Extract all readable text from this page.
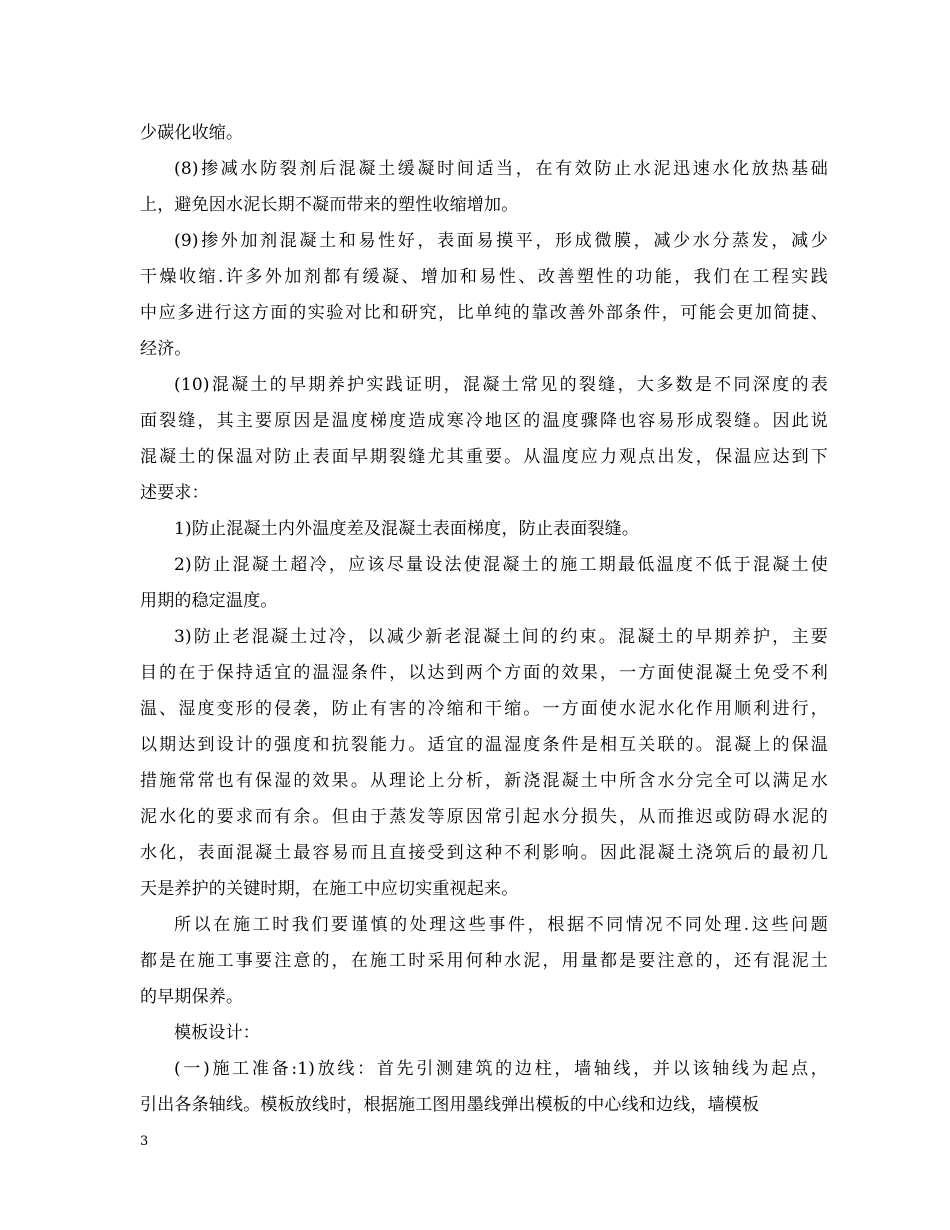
少碳化收缩。
(8)掺减水防裂剂后混凝土缓凝时间适当，在有效防止水泥迅速水化放热基础
上，避免因水泥长期不凝而带来的塑性收缩增加。
(9)掺外加剂混凝土和易性好，表面易摸平，形成微膜，减少水分蒸发，减少
干燥收缩.许多外加剂都有缓凝、增加和易性、改善塑性的功能，我们在工程实践
中应多进行这方面的实验对比和研究，比单纯的靠改善外部条件，可能会更加简捷、
经济。
(10)混凝土的早期养护实践证明，混凝土常见的裂缝，大多数是不同深度的表
面裂缝，其主要原因是温度梯度造成寒冷地区的温度骤降也容易形成裂缝。因此说
混凝土的保温对防止表面早期裂缝尤其重要。从温度应力观点出发，保温应达到下
述要求：
1)防止混凝土内外温度差及混凝土表面梯度，防止表面裂缝。
2)防止混凝土超冷，应该尽量设法使混凝土的施工期最低温度不低于混凝土使
用期的稳定温度。
3)防止老混凝土过冷，以减少新老混凝土间的约束。混凝土的早期养护，主要
目的在于保持适宜的温湿条件，以达到两个方面的效果，一方面使混凝土免受不利
温、湿度变形的侵袭，防止有害的冷缩和干缩。一方面使水泥水化作用顺利进行，
以期达到设计的强度和抗裂能力。适宜的温湿度条件是相互关联的。混凝上的保温
措施常常也有保湿的效果。从理论上分析，新浇混凝土中所含水分完全可以满足水
泥水化的要求而有余。但由于蒸发等原因常引起水分损失，从而推迟或防碍水泥的
水化，表面混凝土最容易而且直接受到这种不利影响。因此混凝土浇筑后的最初几
天是养护的关键时期，在施工中应切实重视起来。
所以在施工时我们要谨慎的处理这些事件，根据不同情况不同处理.这些问题
都是在施工事要注意的，在施工时采用何种水泥，用量都是要注意的，还有混泥土
的早期保养。
模板设计：
(一)施工准备:1)放线：首先引测建筑的边柱，墙轴线，并以该轴线为起点，
引出各条轴线。模板放线时，根据施工图用墨线弹出模板的中心线和边线，墙模板
3
